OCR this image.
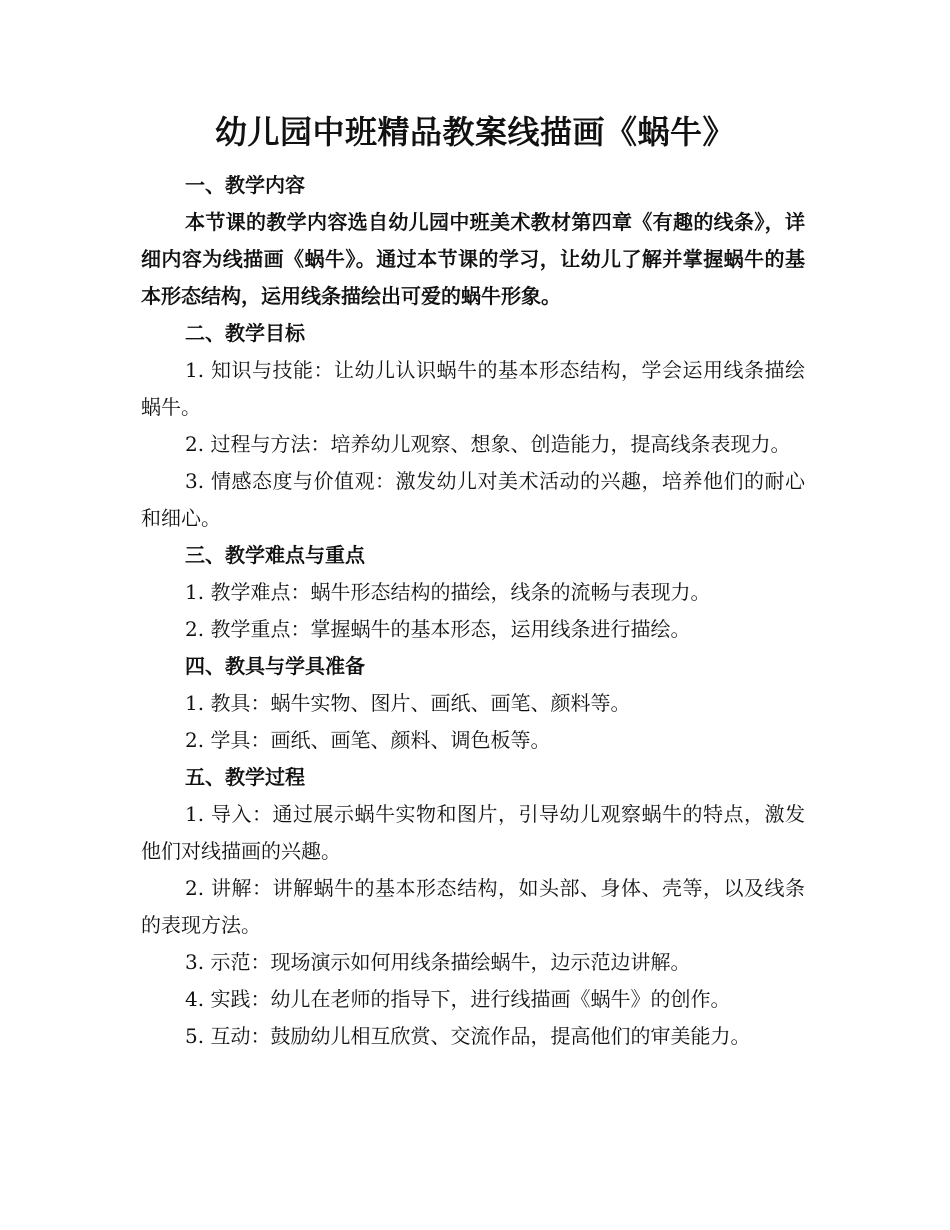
幼儿园中班精品教案线描画《蜗牛》

一、教学内容

本节课的教学内容选自幼儿园中班美术教材第四章《有趣的线条》，详细内容为线描画《蜗牛》。通过本节课的学习，让幼儿了解并掌握蜗牛的基本形态结构，运用线条描绘出可爱的蜗牛形象。

二、教学目标

1. 知识与技能：让幼儿认识蜗牛的基本形态结构，学会运用线条描绘蜗牛。

2. 过程与方法：培养幼儿观察、想象、创造能力，提高线条表现力。

3. 情感态度与价值观：激发幼儿对美术活动的兴趣，培养他们的耐心和细心。

三、教学难点与重点

1. 教学难点：蜗牛形态结构的描绘，线条的流畅与表现力。

2. 教学重点：掌握蜗牛的基本形态，运用线条进行描绘。

四、教具与学具准备

1. 教具：蜗牛实物、图片、画纸、画笔、颜料等。

2. 学具：画纸、画笔、颜料、调色板等。

五、教学过程

1. 导入：通过展示蜗牛实物和图片，引导幼儿观察蜗牛的特点，激发他们对线描画的兴趣。

2. 讲解：讲解蜗牛的基本形态结构，如头部、身体、壳等，以及线条的表现方法。

3. 示范：现场演示如何用线条描绘蜗牛，边示范边讲解。

4. 实践：幼儿在老师的指导下，进行线描画《蜗牛》的创作。

5. 互动：鼓励幼儿相互欣赏、交流作品，提高他们的审美能力。
